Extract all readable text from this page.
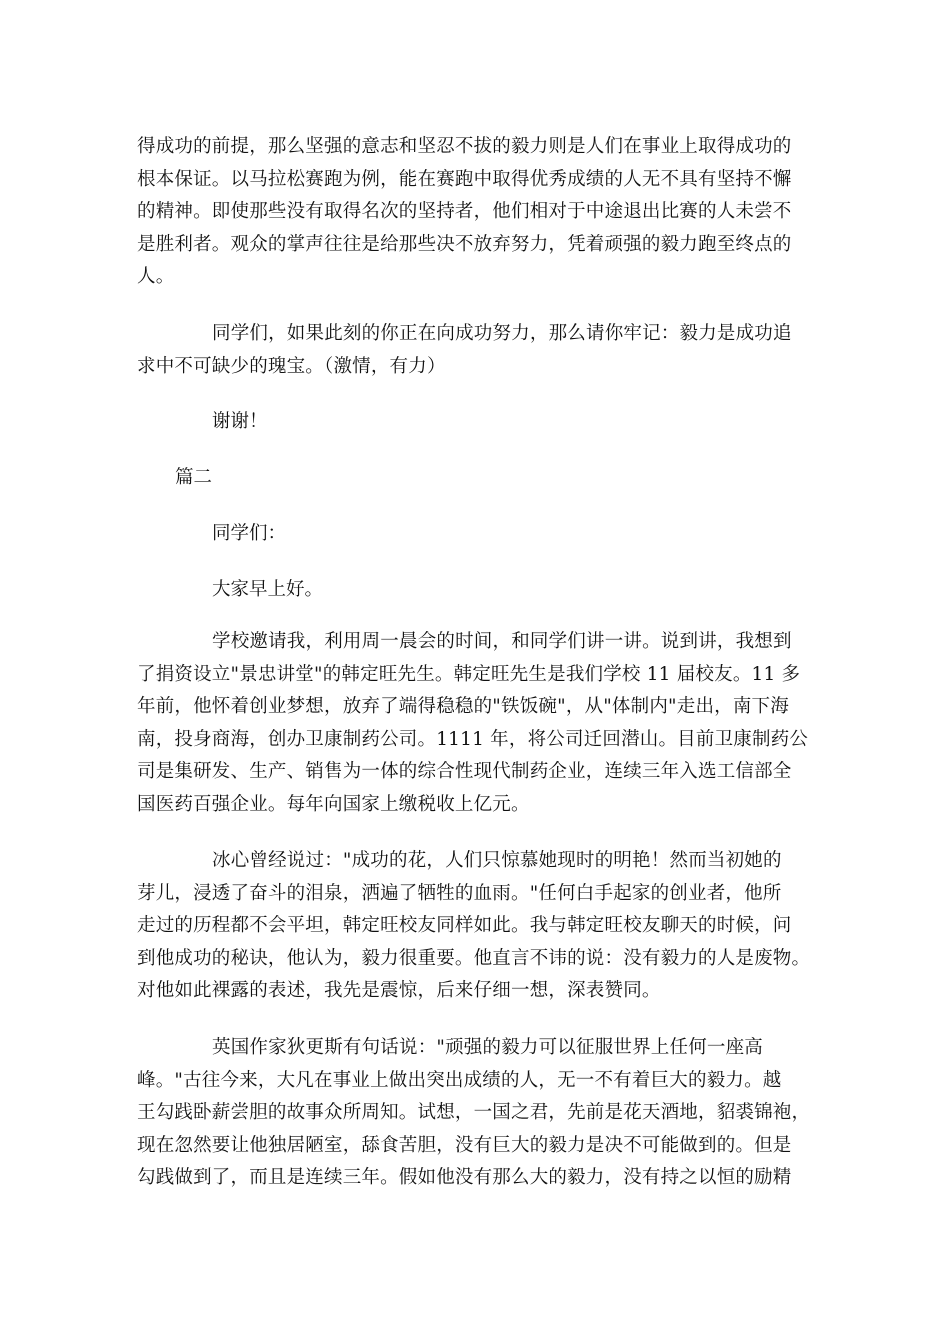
得成功的前提，那么坚强的意志和坚忍不拔的毅力则是人们在事业上取得成功的
根本保证。以马拉松赛跑为例，能在赛跑中取得优秀成绩的人无不具有坚持不懈
的精神。即使那些没有取得名次的坚持者，他们相对于中途退出比赛的人未尝不
是胜利者。观众的掌声往往是给那些决不放弃努力，凭着顽强的毅力跑至终点的
人。
同学们，如果此刻的你正在向成功努力，那么请你牢记：毅力是成功追
求中不可缺少的瑰宝。（激情，有力）
谢谢！
篇二
同学们：
大家早上好。
学校邀请我，利用周一晨会的时间，和同学们讲一讲。说到讲，我想到
了捐资设立"景忠讲堂"的韩定旺先生。韩定旺先生是我们学校 11 届校友。11 多
年前，他怀着创业梦想，放弃了端得稳稳的"铁饭碗"，从"体制内"走出，南下海
南，投身商海，创办卫康制药公司。1111 年，将公司迁回潜山。目前卫康制药公
司是集研发、生产、销售为一体的综合性现代制药企业，连续三年入选工信部全
国医药百强企业。每年向国家上缴税收上亿元。
冰心曾经说过："成功的花，人们只惊慕她现时的明艳！然而当初她的
芽儿，浸透了奋斗的泪泉，洒遍了牺牲的血雨。"任何白手起家的创业者，他所
走过的历程都不会平坦，韩定旺校友同样如此。我与韩定旺校友聊天的时候，问
到他成功的秘诀，他认为，毅力很重要。他直言不讳的说：没有毅力的人是废物。
对他如此裸露的表述，我先是震惊，后来仔细一想，深表赞同。
英国作家狄更斯有句话说："顽强的毅力可以征服世界上任何一座高
峰。"古往今来，大凡在事业上做出突出成绩的人，无一不有着巨大的毅力。越
王勾践卧薪尝胆的故事众所周知。试想，一国之君，先前是花天酒地，貂裘锦袍，
现在忽然要让他独居陋室，舔食苦胆，没有巨大的毅力是决不可能做到的。但是
勾践做到了，而且是连续三年。假如他没有那么大的毅力，没有持之以恒的励精
